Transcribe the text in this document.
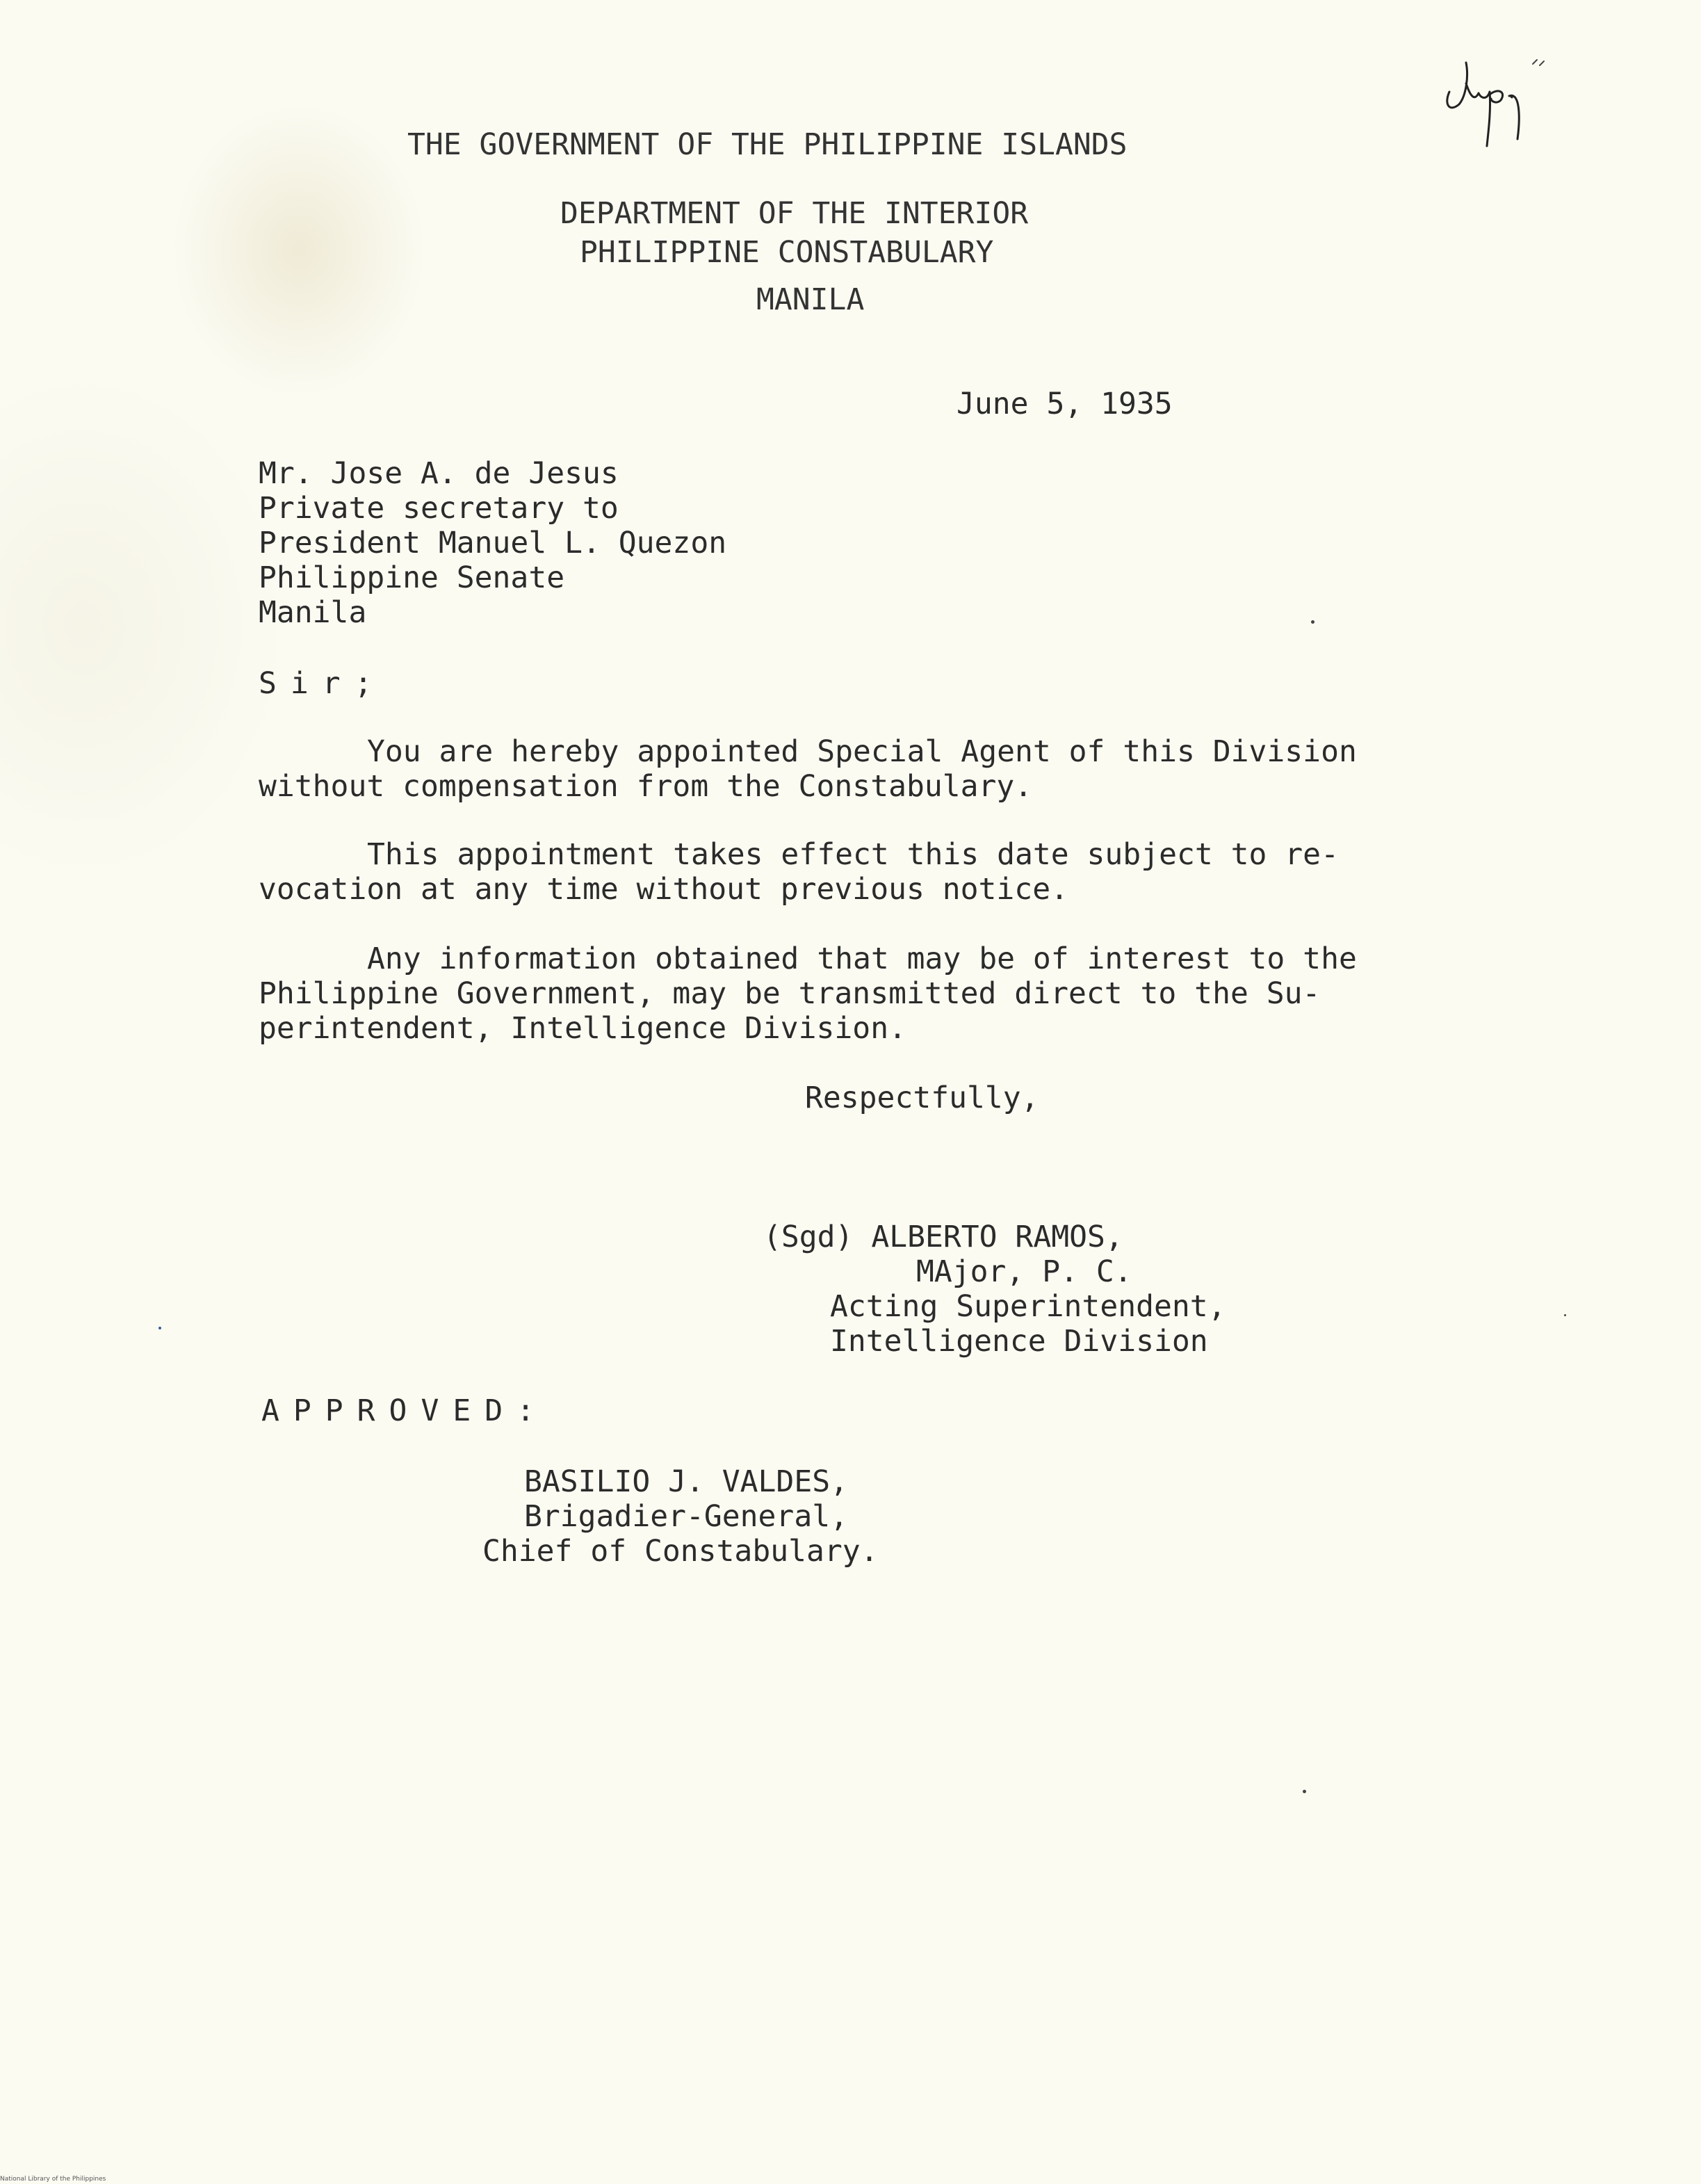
THE GOVERNMENT OF THE PHILIPPINE ISLANDS

DEPARTMENT OF THE INTERIOR

PHILIPPINE CONSTABULARY

MANILA

June 5, 1935

Mr. Jose A. de Jesus

Private secretary to

President Manuel L. Quezon

Philippine Senate

Manila

Sir;

You are hereby appointed Special Agent of this Division

without compensation from the Constabulary.

This appointment takes effect this date subject to re-

vocation at any time without previous notice.

Any information obtained that may be of interest to the

Philippine Government, may be transmitted direct to the Su-

perintendent, Intelligence Division.

Respectfully,

(Sgd) ALBERTO RAMOS,

MAjor, P. C.

Acting Superintendent,

Intelligence Division

APPROVED:

BASILIO J. VALDES,

Brigadier-General,

Chief of Constabulary.

National Library of the Philippines
